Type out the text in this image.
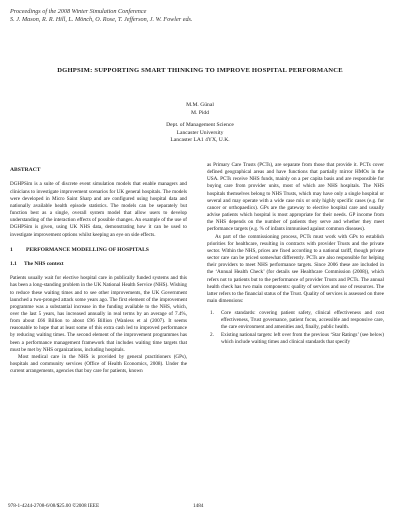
Proceedings of the 2008 Winter Simulation Conference
S. J. Mason, R. R. Hill, L. Mönch, O. Rose, T. Jefferson, J. W. Fowler eds.
DGHPSIM: SUPPORTING SMART THINKING TO IMPROVE HOSPITAL PERFORMANCE
M.M. Günal
M. Pidd
Dept. of Management Science
Lancaster University
Lancaster LA1 4YX, U.K.
ABSTRACT

DGHPSim is a suite of discrete event simulation models that enable managers and clinicians to investigate improvement scenarios for UK general hospitals. The models were developed in Micro Saint Sharp and are configured using hospital data and nationally available health episode statistics. The models can be separately but function best as a single, overall system model that allow users to develop understanding of the interaction effects of possible changes. An example of the use of DGHPSim is given, using UK NHS data, demonstrating how it can be used to investigate improvement options whilst keeping an eye on side effects.

1 PERFORMANCE MODELLING OF HOSPITALS
1.1 The NHS context

Patients usually wait for elective hospital care in publically funded systems and this has been a long-standing problem in the UK National Health Service (NHS). Wishing to reduce these waiting times and to see other improvements, the UK Government launched a two-pronged attack some years ago. The first element of the improvement programme was a substantial increase in the funding available to the NHS, which, over the last 5 years, has increased annually in real terms by an average of 7.4%, from about £66 Billion to about £96 Billion (Wanless et al (2007). It seems reasonable to hope that at least some of this extra cash led to improved performance by reducing waiting times. The second element of the improvement programmes has been a performance management framework that includes waiting time targets that must be met by NHS organizations, including hospitals.

Most medical care in the NHS is provided by general practitioners (GPs), hospitals and community services (Office of Health Economics, 2008). Under the current arrangements, agencies that buy care for patients, known

as Primary Care Trusts (PCTs), are separate from those that provide it. PCTs cover defined geographical areas and have functions that partially mirror HMOs in the USA. PCTs receive NHS funds, mainly on a per capita basis and are responsible for buying care from provider units, most of which are NHS hospitals. The NHS hospitals themselves belong to NHS Trusts, which may have only a single hospital or several and may operate with a wide case mix or only highly specific cases (e.g. for cancer or orthopaedics). GPs are the gateway to elective hospital care and usually advise patients which hospital is most appropriate for their needs. GP income from the NHS depends on the number of patients they serve and whether they meet performance targets (e.g. % of infants immunised against common diseases).

As part of the commissioning process, PCTs must work with GPs to establish priorities for healthcare, resulting in contracts with provider Trusts and the private sector. Within the NHS, prices are fixed according to a national tariff, though private sector care can be priced somewhat differently. PCTs are also responsible for helping their providers to meet NHS performance targets. Since 2006 these are included in the ‘Annual Health Check’ (for details see Healthcare Commission (2008)), which refers not to patients but to the performance of provider Trusts and PCTs. The annual health check has two main components: quality of services and use of resources. The latter refers to the financial status of the Trust. Quality of services is assessed on three main dimensions:

1. Core standards: covering patient safety, clinical effectiveness and cost effectiveness, Trust governance, patient focus, accessible and responsive care, the care environment and amenities and, finally, public health.
2. Existing national targets: left over from the previous ‘Star Ratings’ (see below) which include waiting times and clinical standards that specify
978-1-4244-2708-6/08/$25.00 ©2008 IEEE	1484
